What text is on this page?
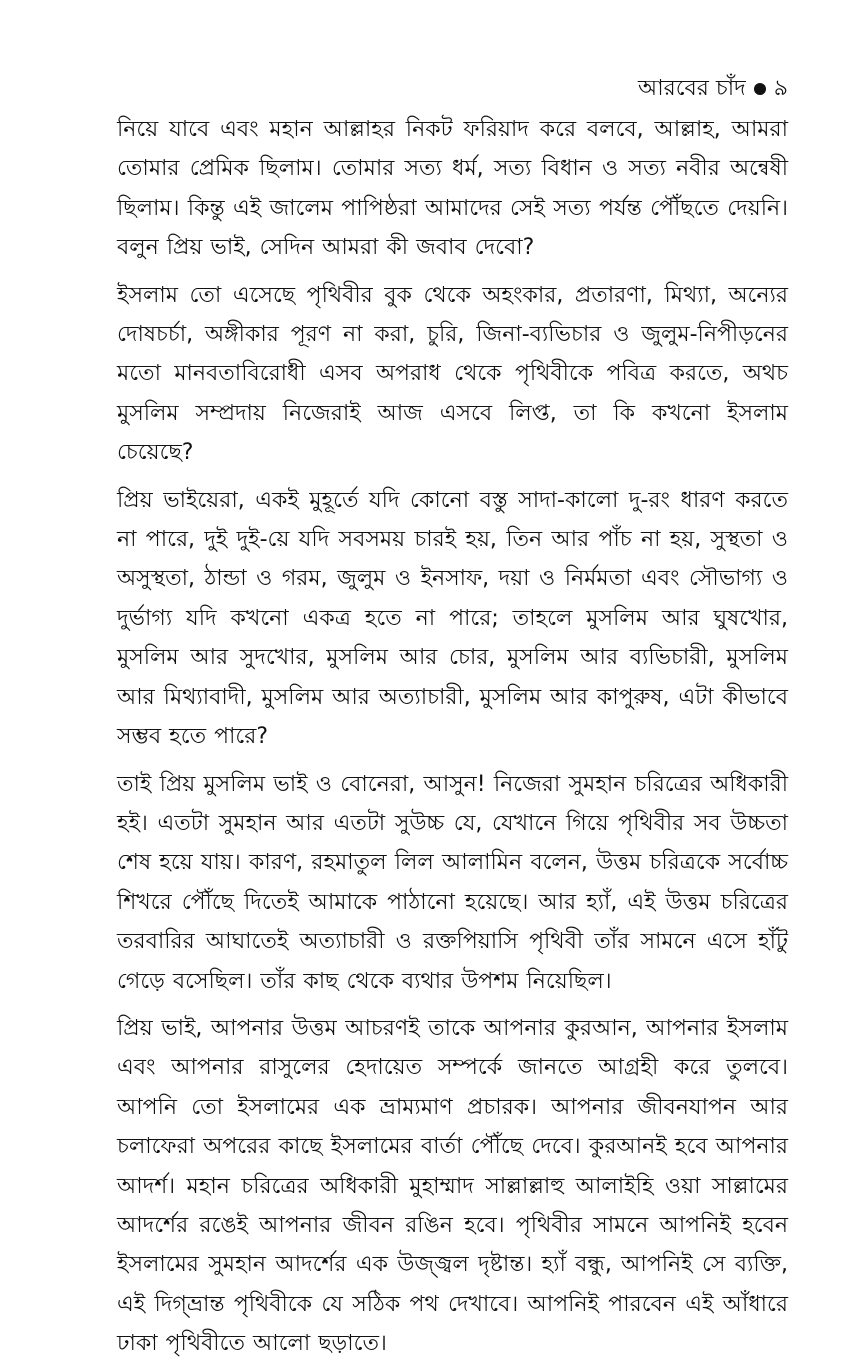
আরবের চাঁদ ৯

নিয়ে যাবে এবং মহান আল্লাহর নিকট ফরিয়াদ করে বলবে, আল্লাহ, আমরা তোমার প্রেমিক ছিলাম। তোমার সত্য ধর্ম, সত্য বিধান ও সত্য নবীর অন্বেষী ছিলাম। কিন্তু এই জালেম পাপিষ্ঠরা আমাদের সেই সত্য পর্যন্ত পৌঁছতে দেয়নি। বলুন প্রিয় ভাই, সেদিন আমরা কী জবাব দেবো?

ইসলাম তো এসেছে পৃথিবীর বুক থেকে অহংকার, প্রতারণা, মিথ্যা, অন্যের দোষচর্চা, অঙ্গীকার পূরণ না করা, চুরি, জিনা-ব্যভিচার ও জুলুম-নিপীড়নের মতো মানবতাবিরোধী এসব অপরাধ থেকে পৃথিবীকে পবিত্র করতে, অথচ মুসলিম সম্প্রদায় নিজেরাই আজ এসবে লিপ্ত, তা কি কখনো ইসলাম চেয়েছে?

প্রিয় ভাইয়েরা, একই মুহূর্তে যদি কোনো বস্তু সাদা-কালো দু-রং ধারণ করতে না পারে, দুই দুই-য়ে যদি সবসময় চারই হয়, তিন আর পাঁচ না হয়, সুস্থতা ও অসুস্থতা, ঠান্ডা ও গরম, জুলুম ও ইনসাফ, দয়া ও নির্মমতা এবং সৌভাগ্য ও দুর্ভাগ্য যদি কখনো একত্র হতে না পারে; তাহলে মুসলিম আর ঘুষখোর, মুসলিম আর সুদখোর, মুসলিম আর চোর, মুসলিম আর ব্যভিচারী, মুসলিম আর মিথ্যাবাদী, মুসলিম আর অত্যাচারী, মুসলিম আর কাপুরুষ, এটা কীভাবে সম্ভব হতে পারে?

তাই প্রিয় মুসলিম ভাই ও বোনেরা, আসুন! নিজেরা সুমহান চরিত্রের অধিকারী হই। এতটা সুমহান আর এতটা সুউচ্চ যে, যেখানে গিয়ে পৃথিবীর সব উচ্চতা শেষ হয়ে যায়। কারণ, রহমাতুল লিল আলামিন বলেন, উত্তম চরিত্রকে সর্বোচ্চ শিখরে পৌঁছে দিতেই আমাকে পাঠানো হয়েছে। আর হ্যাঁ, এই উত্তম চরিত্রের তরবারির আঘাতেই অত্যাচারী ও রক্তপিয়াসি পৃথিবী তাঁর সামনে এসে হাঁটু গেড়ে বসেছিল। তাঁর কাছ থেকে ব্যথার উপশম নিয়েছিল।

প্রিয় ভাই, আপনার উত্তম আচরণই তাকে আপনার কুরআন, আপনার ইসলাম এবং আপনার রাসুলের হেদায়েত সম্পর্কে জানতে আগ্রহী করে তুলবে। আপনি তো ইসলামের এক ভ্রাম্যমাণ প্রচারক। আপনার জীবনযাপন আর চলাফেরা অপরের কাছে ইসলামের বার্তা পৌঁছে দেবে। কুরআনই হবে আপনার আদর্শ। মহান চরিত্রের অধিকারী মুহাম্মাদ সাল্লাল্লাহু আলাইহি ওয়া সাল্লামের আদর্শের রঙেই আপনার জীবন রঙিন হবে। পৃথিবীর সামনে আপনিই হবেন ইসলামের সুমহান আদর্শের এক উজ্জ্বল দৃষ্টান্ত। হ্যাঁ বন্ধু, আপনিই সে ব্যক্তি, এই দিগ্‌ভ্রান্ত পৃথিবীকে যে সঠিক পথ দেখাবে। আপনিই পারবেন এই আঁধারে ঢাকা পৃথিবীতে আলো ছড়াতে।
